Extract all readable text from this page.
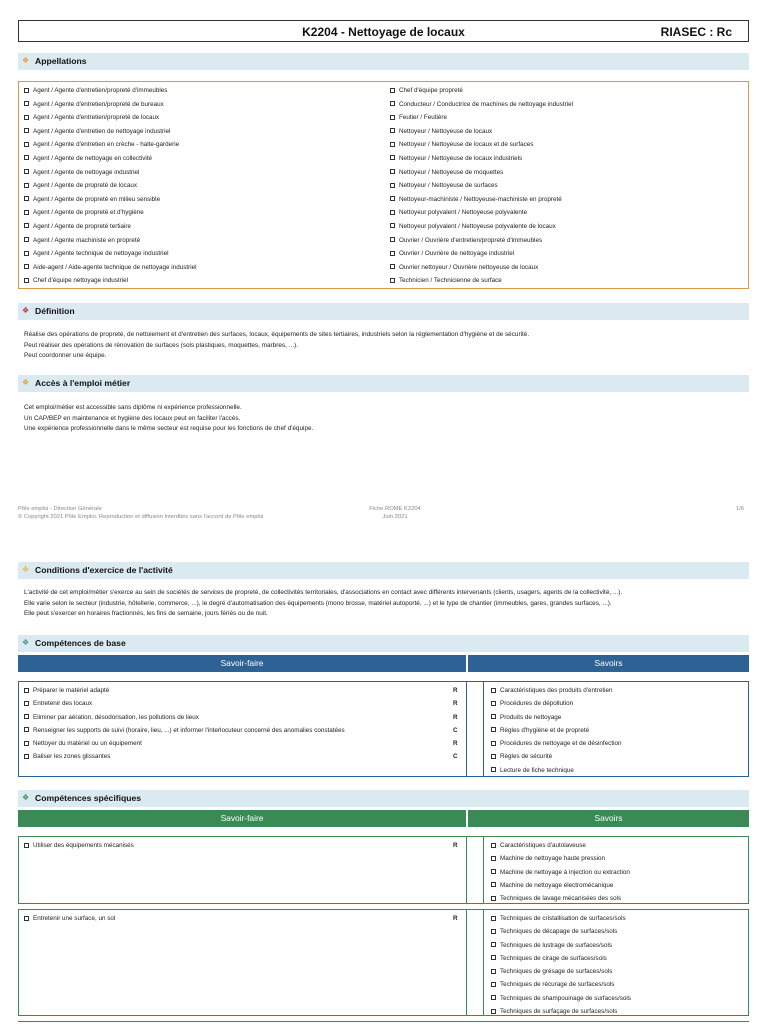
K2204 - Nettoyage de locaux	RIASEC : Rc
❖ Appellations
Agent / Agente d'entretien/propreté d'immeubles
Agent / Agente d'entretien/propreté de bureaux
Agent / Agente d'entretien/propreté de locaux
Agent / Agente d'entretien de nettoyage industriel
Agent / Agente d'entretien en crèche - halte-garderie
Agent / Agente de nettoyage en collectivité
Agent / Agente de nettoyage industriel
Agent / Agente de propreté de locaux
Agent / Agente de propreté en milieu sensible
Agent / Agente de propreté et d'hygiène
Agent / Agente de propreté tertiaire
Agent / Agente machiniste en propreté
Agent / Agente technique de nettoyage industriel
Aide-agent / Aide-agente technique de nettoyage industriel
Chef d'équipe nettoyage industriel
Chef d'équipe propreté
Conducteur / Conductrice de machines de nettoyage industriel
Feutier / Feutière
Nettoyeur / Nettoyeuse de locaux
Nettoyeur / Nettoyeuse de locaux et de surfaces
Nettoyeur / Nettoyeuse de locaux industriels
Nettoyeur / Nettoyeuse de moquettes
Nettoyeur / Nettoyeuse de surfaces
Nettoyeur-machiniste / Nettoyeuse-machiniste en propreté
Nettoyeur polyvalent / Nettoyeuse polyvalente
Nettoyeur polyvalent / Nettoyeuse polyvalente de locaux
Ouvrier / Ouvrière d'entretien/propreté d'immeubles
Ouvrier / Ouvrière de nettoyage industriel
Ouvrier nettoyeur / Ouvrière nettoyeuse de locaux
Technicien / Technicienne de surface
❖ Définition
Réalise des opérations de propreté, de nettoiement et d'entretien des surfaces, locaux, équipements de sites tertiaires, industriels selon la réglementation d'hygiène et de sécurité.
Peut réaliser des opérations de rénovation de surfaces (sols plastiques, moquettes, marbres, ...).
Peut coordonner une équipe.
❖ Accès à l'emploi métier
Cet emploi/métier est accessible sans diplôme ni expérience professionnelle.
Un CAP/BEP en maintenance et hygiène des locaux peut en faciliter l'accès.
Une expérience professionnelle dans le même secteur est requise pour les fonctions de chef d'équipe.
Pôle emploi - Direction Générale
© Copyright 2021 Pôle Emploi. Reproduction et diffusion interdites sans l'accord de Pôle emploi
Fiche ROME K2204
Juin 2021
1/6
❖ Conditions d'exercice de l'activité
L'activité de cet emploi/métier s'exerce au sein de sociétés de services de propreté, de collectivités territoriales, d'associations en contact avec différents intervenants (clients, usagers, agents de la collectivité, ...).
Elle varie selon le secteur (industrie, hôtellerie, commerce, ...), le degré d'automatisation des équipements (mono brosse, matériel autoporté, ...) et le type de chantier (immeubles, gares, grandes surfaces, ...).
Elle peut s'exercer en horaires fractionnés, les fins de semaine, jours fériés ou de nuit.
❖ Compétences de base
Savoir-faire	Savoirs
Préparer le matériel adapté	R
Entretenir des locaux	R
Eliminer par aération, désodorisation, les pollutions de lieux	R
Renseigner les supports de suivi (horaire, lieu, ...) et informer l'interlocuteur concerné des anomalies constatées	C
Nettoyer du matériel ou un équipement	R
Baliser les zones glissantes	C
Caractéristiques des produits d'entretien
Procédures de dépollution
Produits de nettoyage
Règles d'hygiène et de propreté
Procédures de nettoyage et de désinfection
Règles de sécurité
Lecture de fiche technique
❖ Compétences spécifiques
Savoir-faire	Savoirs
Utiliser des équipements mécanisés	R	Caractéristiques d'autolaveuse
Machine de nettoyage haute pression
Machine de nettoyage à injection ou extraction
Machine de nettoyage électromécanique
Techniques de lavage mécanisées des sols
Entretenir une surface, un sol	R	Techniques de cristallisation de surfaces/sols
Techniques de décapage de surfaces/sols
Techniques de lustrage de surfaces/sols
Techniques de cirage de surfaces/sols
Techniques de grésage de surfaces/sols
Techniques de récurage de surfaces/sols
Techniques de shampouinage de surfaces/sols
Techniques de surfaçage de surfaces/sols
